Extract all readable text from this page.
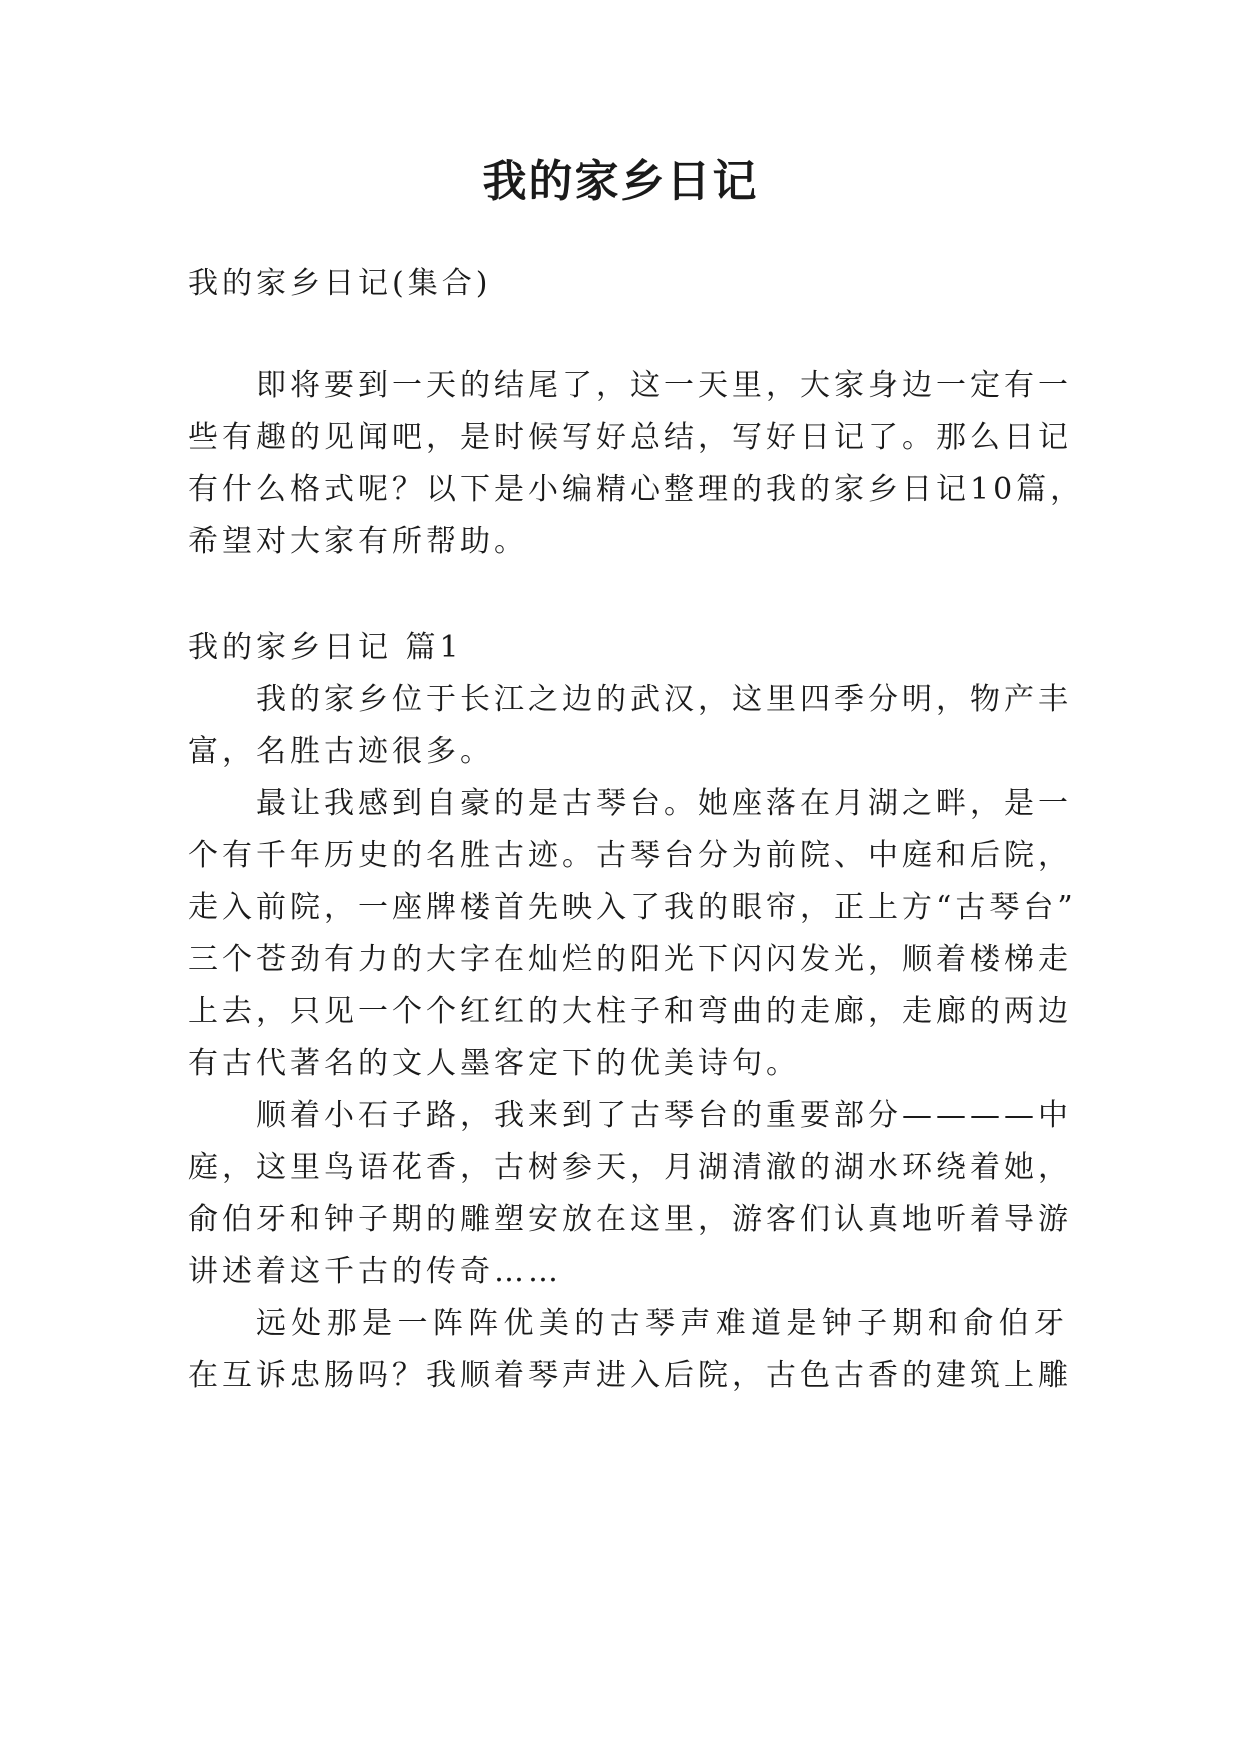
我的家乡日记

我的家乡日记(集合)

即将要到一天的结尾了，这一天里，大家身边一定有一

些有趣的见闻吧，是时候写好总结，写好日记了。那么日记

有什么格式呢？以下是小编精心整理的我的家乡日记10篇，

希望对大家有所帮助。

我的家乡日记 篇1

我的家乡位于长江之边的武汉，这里四季分明，物产丰

富，名胜古迹很多。

最让我感到自豪的是古琴台。她座落在月湖之畔，是一

个有千年历史的名胜古迹。古琴台分为前院、中庭和后院，

走入前院，一座牌楼首先映入了我的眼帘，正上方“古琴台”

三个苍劲有力的大字在灿烂的阳光下闪闪发光，顺着楼梯走

上去，只见一个个红红的大柱子和弯曲的走廊，走廊的两边

有古代著名的文人墨客定下的优美诗句。

顺着小石子路，我来到了古琴台的重要部分————中

庭，这里鸟语花香，古树参天，月湖清澈的湖水环绕着她，

俞伯牙和钟子期的雕塑安放在这里，游客们认真地听着导游

讲述着这千古的传奇……

远处那是一阵阵优美的古琴声难道是钟子期和俞伯牙

在互诉忠肠吗？我顺着琴声进入后院，古色古香的建筑上雕
